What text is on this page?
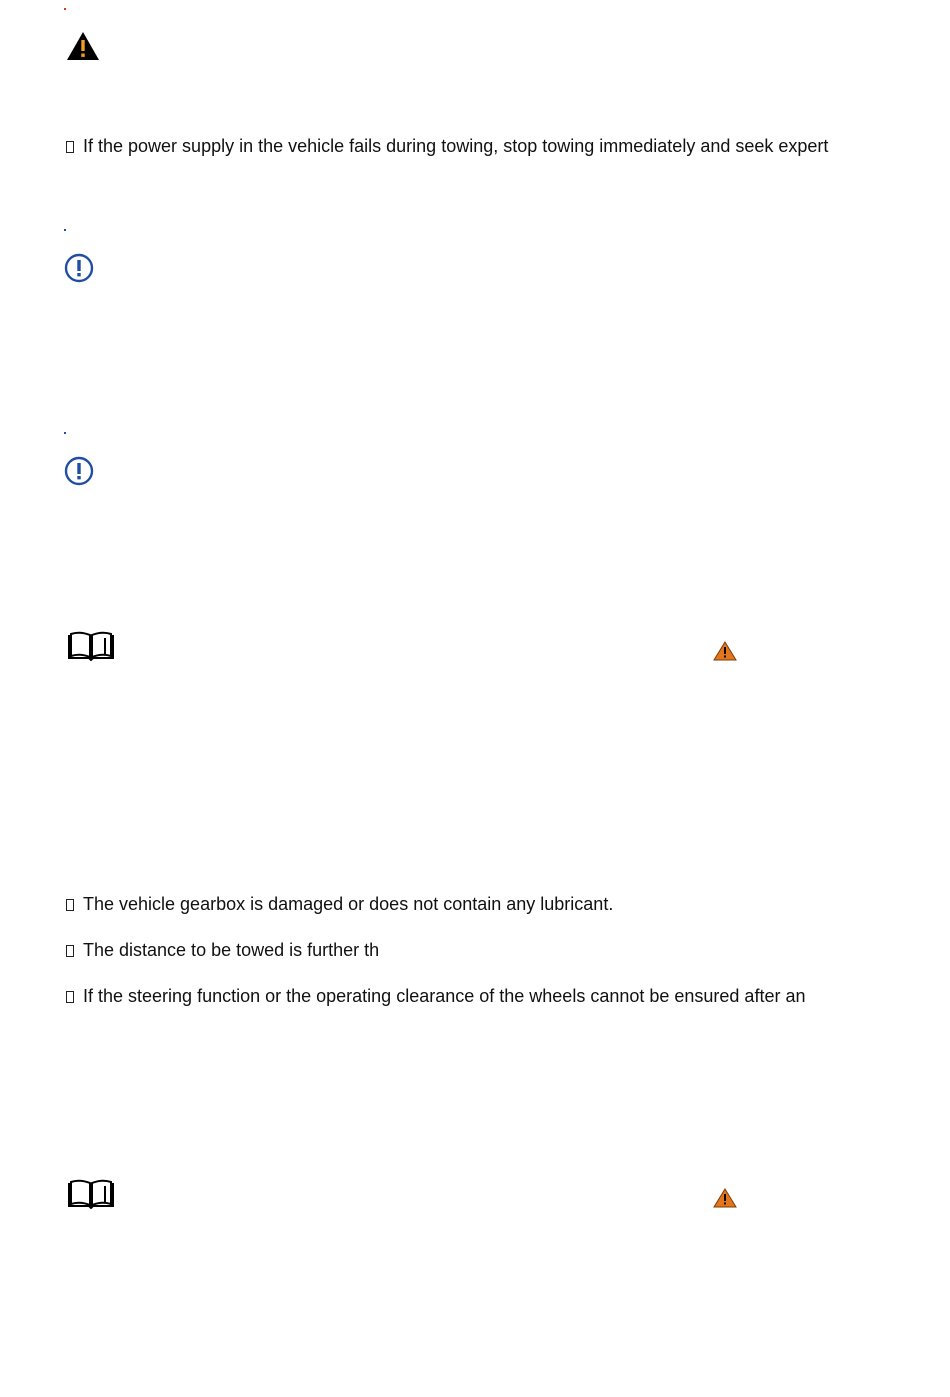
If the power supply in the vehicle fails during towing, stop towing immediately and seek expert
The vehicle gearbox is damaged or does not contain any lubricant.
The distance to be towed is further th
If the steering function or the operating clearance of the wheels cannot be ensured after an
